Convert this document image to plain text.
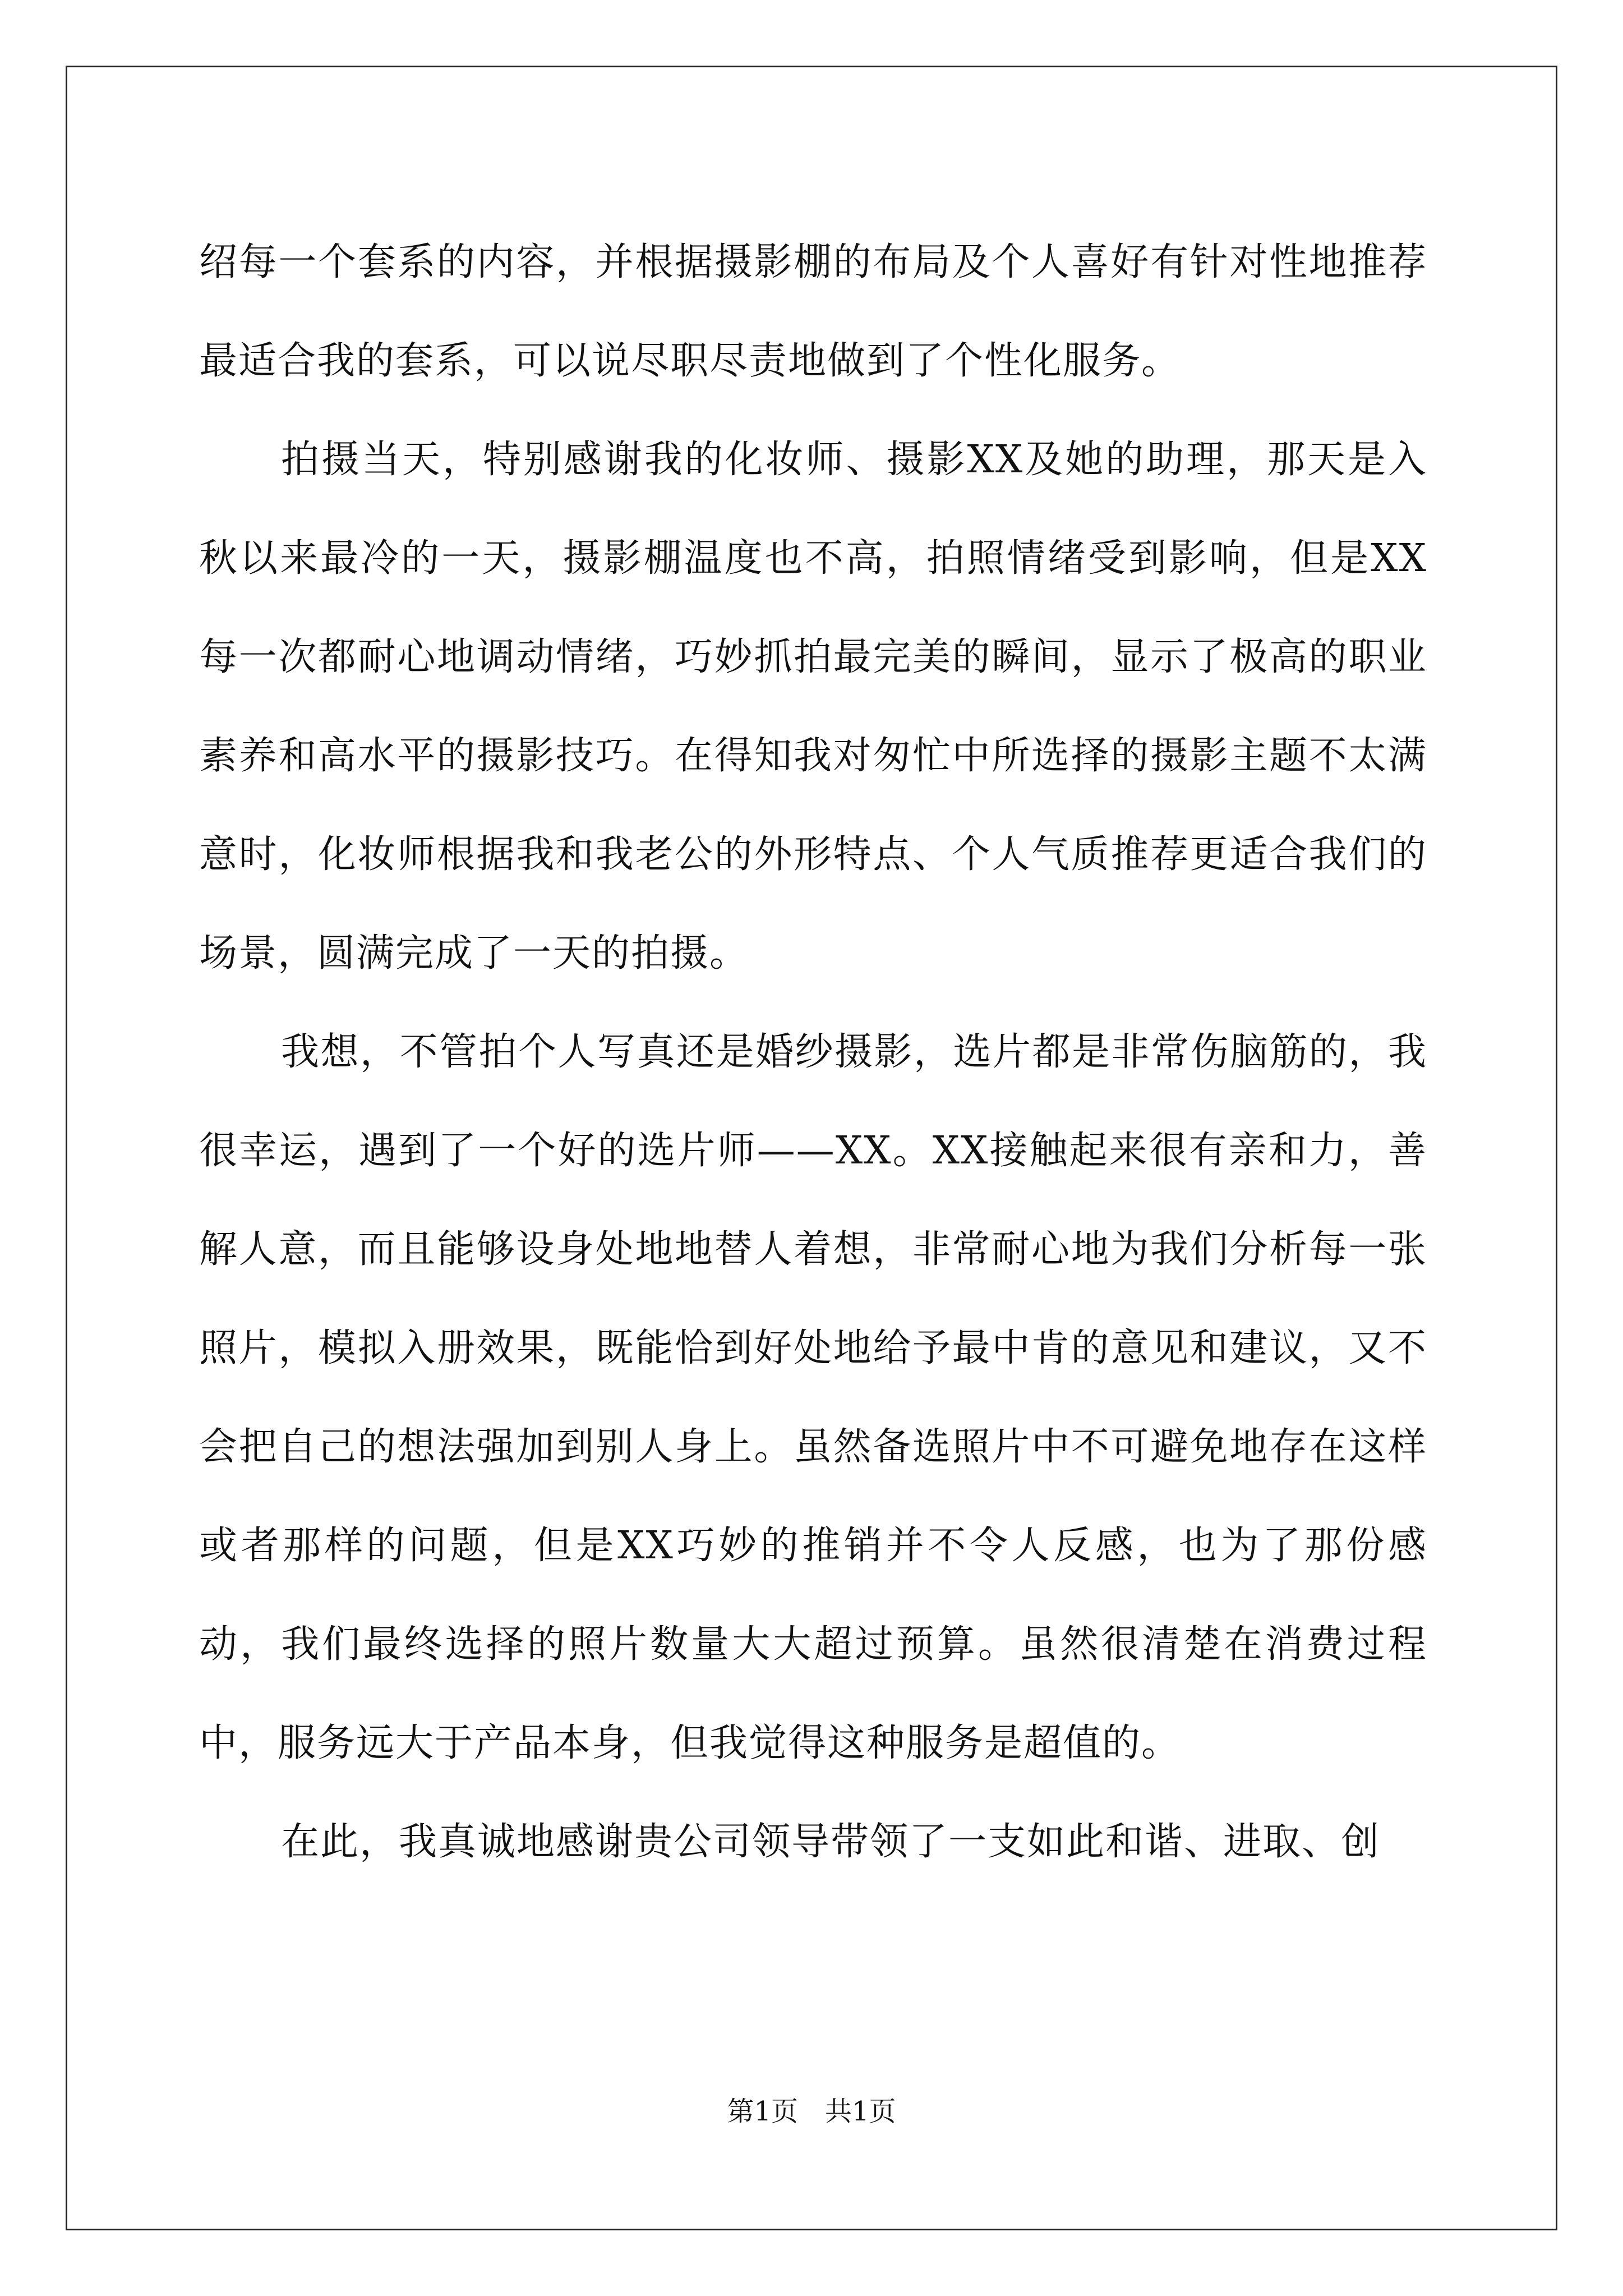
绍每一个套系的内容，并根据摄影棚的布局及个人喜好有针对性地推荐最适合我的套系，可以说尽职尽责地做到了个性化服务。

拍摄当天，特别感谢我的化妆师、摄影XX及她的助理，那天是入秋以来最冷的一天，摄影棚温度也不高，拍照情绪受到影响，但是XX每一次都耐心地调动情绪，巧妙抓拍最完美的瞬间，显示了极高的职业素养和高水平的摄影技巧。在得知我对匆忙中所选择的摄影主题不太满意时，化妆师根据我和我老公的外形特点、个人气质推荐更适合我们的场景，圆满完成了一天的拍摄。

我想，不管拍个人写真还是婚纱摄影，选片都是非常伤脑筋的，我很幸运，遇到了一个好的选片师——XX。XX接触起来很有亲和力，善解人意，而且能够设身处地地替人着想，非常耐心地为我们分析每一张照片，模拟入册效果，既能恰到好处地给予最中肯的意见和建议，又不会把自己的想法强加到别人身上。虽然备选照片中不可避免地存在这样或者那样的问题，但是XX巧妙的推销并不令人反感，也为了那份感动，我们最终选择的照片数量大大超过预算。虽然很清楚在消费过程中，服务远大于产品本身，但我觉得这种服务是超值的。

在此，我真诚地感谢贵公司领导带领了一支如此和谐、进取、创

第1页　共1页
